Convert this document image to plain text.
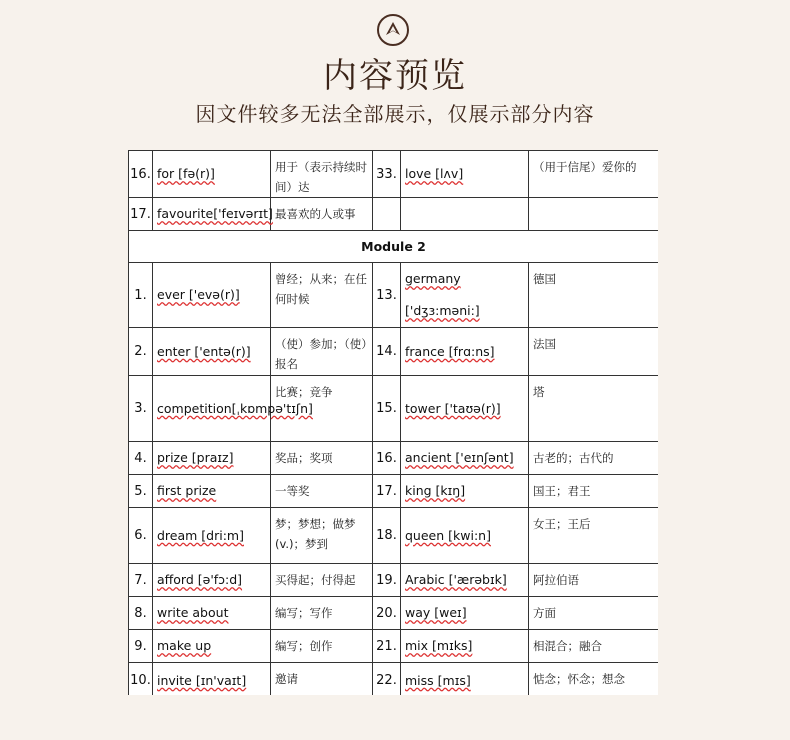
内容预览
因文件较多无法全部展示，仅展示部分内容
16.	for [fə(r)]	用于（表示持续时间）达	33.	love [lʌv]	（用于信尾）爱你的
17.	favourite['feɪvərɪt]	最喜欢的人或事			
Module 2					
1.	ever ['evə(r)]	曾经；从来；在任何时候	13.	germany ['dʒɜ:məni:]	德国
2.	enter ['entə(r)]	（使）参加；（使）报名	14.	france [frɑ:ns]	法国
3.	competition[ˌkɒmpə'tɪʃn]	比赛；竞争	15.	tower ['taʊə(r)]	塔
4.	prize [praɪz]	奖品；奖项	16.	ancient ['eɪnʃənt]	古老的；古代的
5.	first prize	一等奖	17.	king [kɪŋ]	国王；君王
6.	dream [dri:m]	梦；梦想；做梦(v.)；梦到	18.	queen [kwi:n]	女王；王后
7.	afford [ə'fɔ:d]	买得起；付得起	19.	Arabic ['ærəbɪk]	阿拉伯语
8.	write about	编写；写作	20.	way [weɪ]	方面
9.	make up	编写；创作	21.	mix [mɪks]	相混合；融合
10.	invite [ɪn'vaɪt]	邀请	22.	miss [mɪs]	惦念；怀念；想念
